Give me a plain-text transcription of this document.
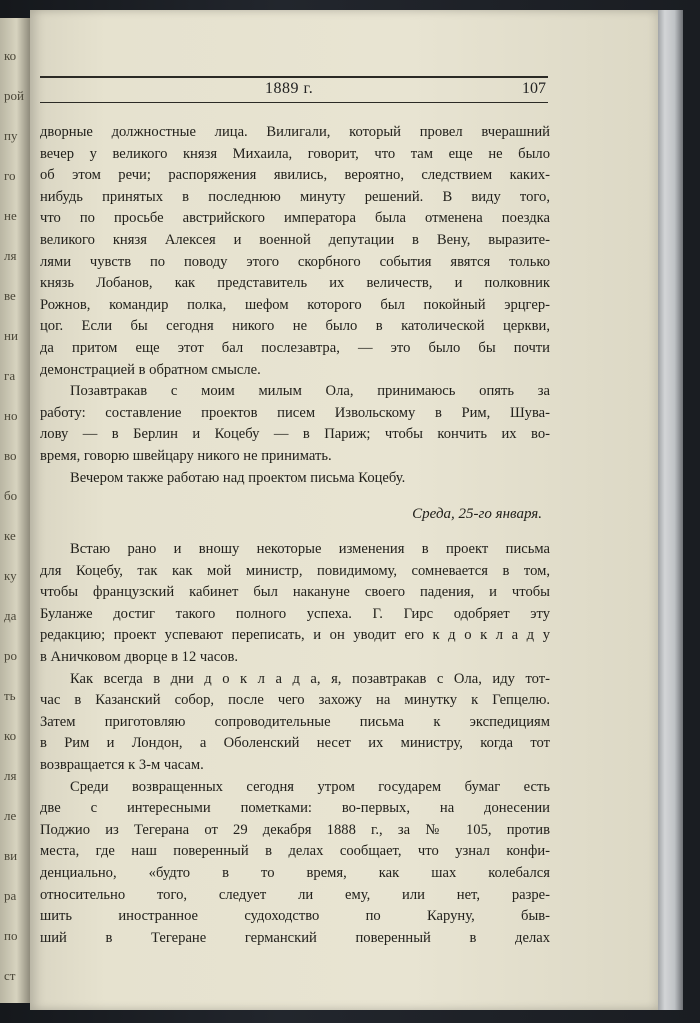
ко
рой
пу
го
не
ля
ве
ни
га
но
во
бо
ке
ку
да
ро
ть
ко
ля
ле
ви
ра
по
ст
1889 г.	107
дворные должностные лица. Вилигали, который провел вчерашний
вечер у великого князя Михаила, говорит, что там еще не было
об этом речи; распоряжения явились, вероятно, следствием каких-
нибудь принятых в последнюю минуту решений. В виду того,
что по просьбе австрийского императора была отменена поездка
великого князя Алексея и военной депутации в Вену, выразите-
лями чувств по поводу этого скорбного события явятся только
князь Лобанов, как представитель их величеств, и полковник
Рожнов, командир полка, шефом которого был покойный эрцгер-
цог. Если бы сегодня никого не было в католической церкви,
да притом еще этот бал послезавтра, — это было бы почти
демонстрацией в обратном смысле.
Позавтракав с моим милым Ола, принимаюсь опять за
работу: составление проектов писем Извольскому в Рим, Шува-
лову — в Берлин и Коцебу — в Париж; чтобы кончить их во-
время, говорю швейцару никого не принимать.
Вечером также работаю над проектом письма Коцебу.
Среда, 25-го января.
Встаю рано и вношу некоторые изменения в проект письма
для Коцебу, так как мой министр, повидимому, сомневается в том,
чтобы французский кабинет был накануне своего падения, и чтобы
Буланже достиг такого полного успеха. Г. Гирс одобряет эту
редакцию; проект успевают переписать, и он уводит его к д о к л а д у
в Аничковом дворце в 12 часов.
Как всегда в дни д о к л а д а, я, позавтракав с Ола, иду тот-
час в Казанский собор, после чего захожу на минутку к Гепцелю.
Затем приготовляю сопроводительные письма к экспедициям
в Рим и Лондон, а Оболенский несет их министру, когда тот
возвращается к 3-м часам.
Среди возвращенных сегодня утром государем бумаг есть
две с интересными пометками: во-первых, на донесении
Поджио из Тегерана от 29 декабря 1888 г., за № 105, против
места, где наш поверенный в делах сообщает, что узнал конфи-
денциально, «будто в то время, как шах колебался
относительно того, следует ли ему, или нет, разре-
шить иностранное судоходство по Каруну, быв-
ший в Тегеране германский поверенный в делах
